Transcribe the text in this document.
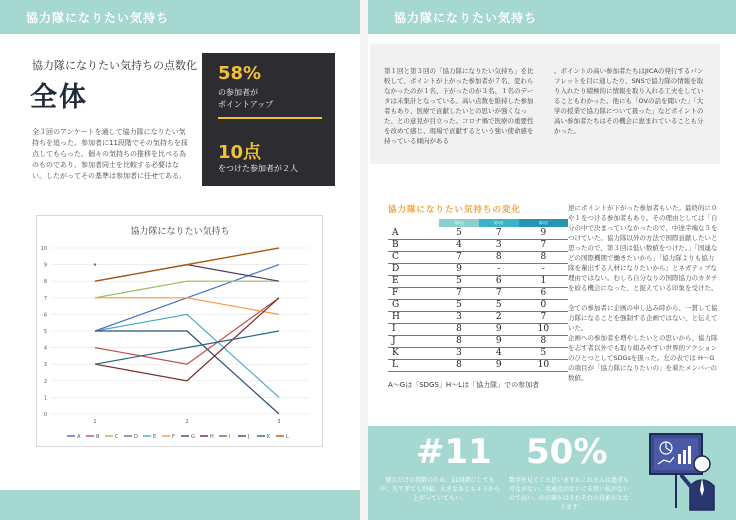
協力隊になりたい気持ち	協力隊になりたい気持ち
協力隊になりたい気持ちの点数化
全体
全３回のアンケートを通して協力隊になりたい気持ちを追った。参加者に11段階でその気持ちを採点してもらった。個々の気持ちの推移を比べる為のものであり、参加者同士を比較する必要はない。したがってその基準は参加者に任せてある。
58%
の参加者が
ポイントアップ
10点
をつけた参加者が２人
協力隊になりたい気持ち
0
1
2
3
4
5
6
7
8
9
10
1	2	3
A	B	C	D	E	F	G	H	I	J	K	L
第１回と第３回の「協力隊になりたい気持ち」を比較して、ポイントが上がった参加者が７名、変わらなかったのが１名、下がったのが３名、１名のデータは未集計となっている。高い点数を維持した参加者もあり、医療で貢献したいとの思いが強くなった、との意見が目立った。コロナ禍で医療の重要性を改めて感じ、現場で貢献するという強い使命感を持っている傾向がある
。ポイントの高い参加者たちはJICAの発行するパンフレットを目に通したり、SNSで協力隊の情報を取り入れたり積極的に情報を取り入れる工夫をしていることもわかった。他にも「OVの話を聞いた」「大学の授業で協力隊について扱った」などポイントの高い参加者たちはその機会に恵まれていることも分かった。
協力隊になりたい気持ちの変化
	第1回	第2回	第3回
A	5	7	9
B	4	3	7
C	7	8	8
D	9	-	-
E	5	6	1
F	7	7	6
G	5	5	0
H	3	2	7
I	8	9	10
J	8	9	8
K	3	4	5
L	8	9	10
A〜Gは「SDGS」H〜Lは「協力隊」での参加者
逆にポイントが下がった参加者もいた。最終的に０や１をつける参加者もあり。その理由としては「自分の中で決まっていなかったので、中途半端な５をつけていた。協力隊以外の方法で国際貢献したいと思ったので、第３回は低い数値をつけた。」「国連などの国際機関で働きたいから」「協力隊よりも協力隊を輩出する人材になりたいから」とネガティブな理由ではない。むしろ自分なりの国際協力のカタチを絞る機会になった、と捉えている印象を受けた。

全ての参加者に企画の申し込み時から、一貫して協力隊になることを強制する企画ではない、と伝えていた。
企画への参加者を増やしたいとの思いから、協力隊を志す者以外でも取り組みやすい世界的アクションのひとつとしてSDGsを扱った。左の表では H〜Gの項目が「協力隊になりたいの」を着たメンバーの数値。
#11
個人だけの指数のため、11段階にしても中、矢すぎても別値。大きなあとも４５から上がっていてもい。
50%
数字を見てくと思いますかこれをんは過ぎも可ながない、共通点がないぐる思い私がないので高い。のが確かはそれぞれの技術がとなります
